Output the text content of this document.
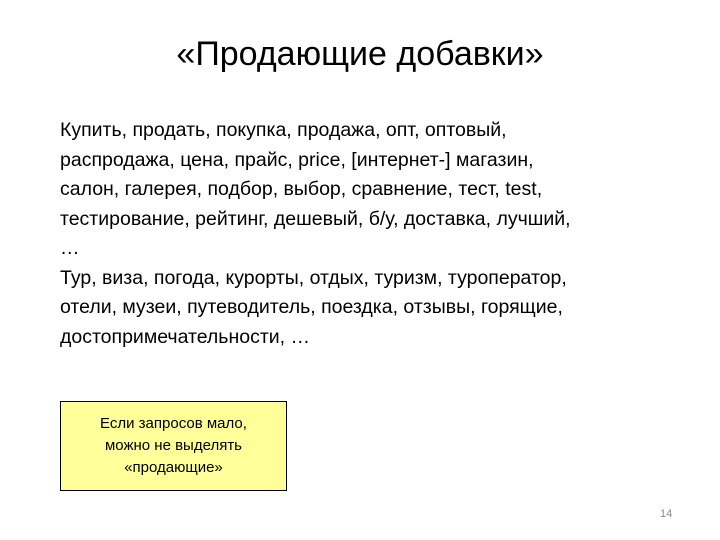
«Продающие добавки»
Купить, продать, покупка, продажа, опт, оптовый,
распродажа, цена, прайс, price, [интернет-] магазин,
салон, галерея, подбор, выбор, сравнение, тест, test,
тестирование, рейтинг, дешевый, б/у, доставка, лучший,
…
Тур, виза, погода, курорты, отдых, туризм, туроператор,
отели, музеи, путеводитель, поездка, отзывы, горящие,
достопримечательности, …
Если запросов мало,
можно не выделять
«продающие»
14
